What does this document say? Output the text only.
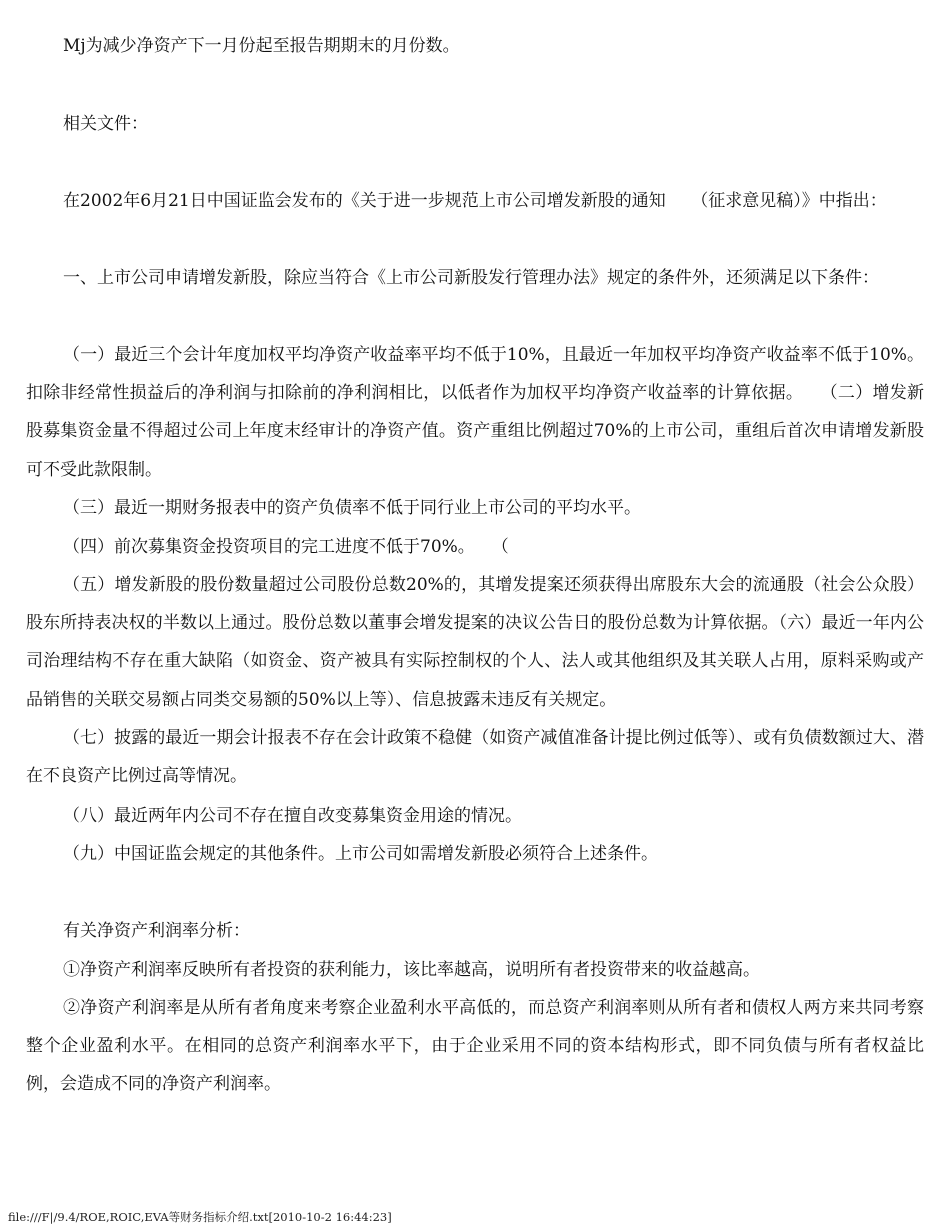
Mj为减少净资产下一月份起至报告期期末的月份数。

相关文件：

在2002年6月21日中国证监会发布的《关于进一步规范上市公司增发新股的通知　　（征求意见稿）》中指出：

一、上市公司申请增发新股，除应当符合《上市公司新股发行管理办法》规定的条件外，还须满足以下条件：

（一）最近三个会计年度加权平均净资产收益率平均不低于10%，且最近一年加权平均净资产收益率不低于10%。扣除非经常性损益后的净利润与扣除前的净利润相比，以低者作为加权平均净资产收益率的计算依据。　　（二）增发新股募集资金量不得超过公司上年度末经审计的净资产值。资产重组比例超过70%的上市公司，重组后首次申请增发新股可不受此款限制。

（三）最近一期财务报表中的资产负债率不低于同行业上市公司的平均水平。

（四）前次募集资金投资项目的完工进度不低于70%。　　（

（五）增发新股的股份数量超过公司股份总数20%的，其增发提案还须获得出席股东大会的流通股（社会公众股）股东所持表决权的半数以上通过。股份总数以董事会增发提案的决议公告日的股份总数为计算依据。（六）最近一年内公司治理结构不存在重大缺陷（如资金、资产被具有实际控制权的个人、法人或其他组织及其关联人占用，原料采购或产品销售的关联交易额占同类交易额的50%以上等）、信息披露未违反有关规定。

（七）披露的最近一期会计报表不存在会计政策不稳健（如资产减值准备计提比例过低等）、或有负债数额过大、潜在不良资产比例过高等情况。

（八）最近两年内公司不存在擅自改变募集资金用途的情况。

（九）中国证监会规定的其他条件。上市公司如需增发新股必须符合上述条件。

有关净资产利润率分析：

①净资产利润率反映所有者投资的获利能力，该比率越高，说明所有者投资带来的收益越高。

②净资产利润率是从所有者角度来考察企业盈利水平高低的，而总资产利润率则从所有者和债权人两方来共同考察整个企业盈利水平。在相同的总资产利润率水平下，由于企业采用不同的资本结构形式，即不同负债与所有者权益比例，会造成不同的净资产利润率。

file:///F|/9.4/ROE,ROIC,EVA等财务指标介绍.txt[2010-10-2 16:44:23]
